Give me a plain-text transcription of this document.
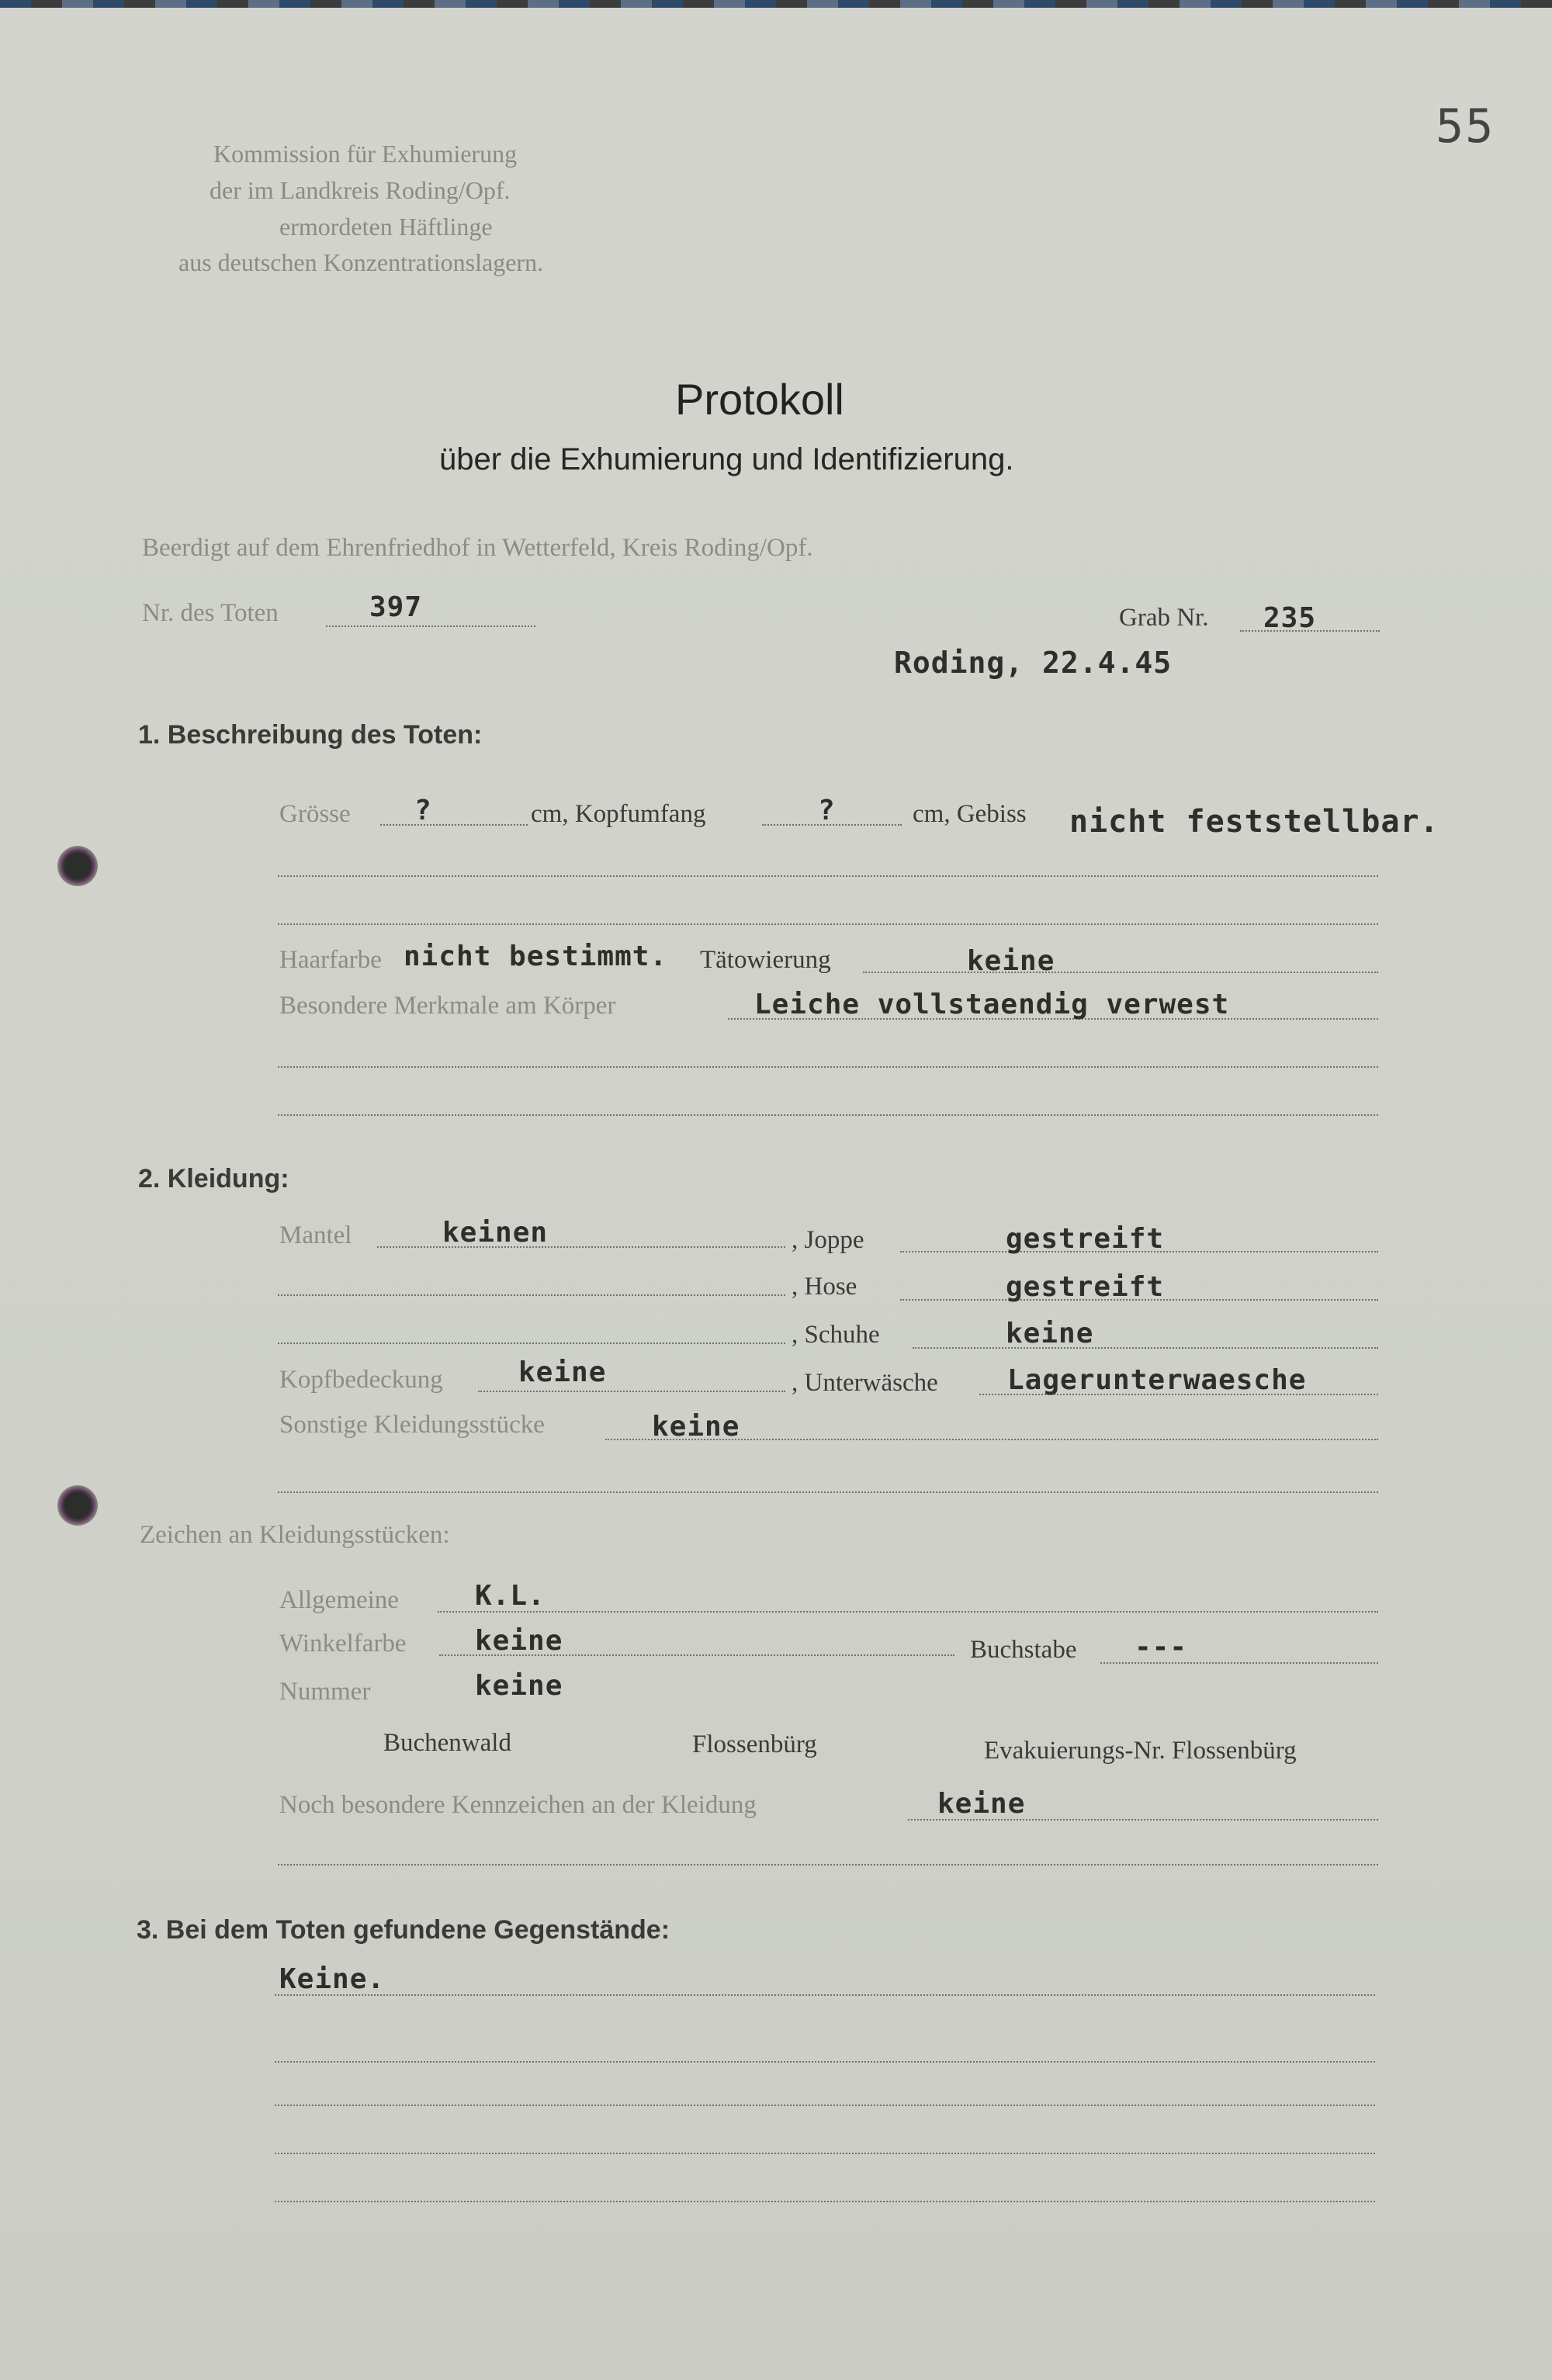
55
Kommission für Exhumierung
der im Landkreis Roding/Opf.
ermordeten Häftlinge
aus deutschen Konzentrationslagern.
Protokoll
über die Exhumierung und Identifizierung.
Beerdigt auf dem Ehrenfriedhof in Wetterfeld, Kreis Roding/Opf.
Nr. des Toten	397	Grab Nr. 235
Roding, 22.4.45
1. Beschreibung des Toten:
Grösse ?	cm, Kopfumfang	?	cm, Gebiss nicht feststellbar.
Haarfarbe nicht bestimmt. Tätowierung	keine
Besondere Merkmale am Körper	Leiche vollstaendig verwest
2. Kleidung:
Mantel	keinen	, Joppe	gestreift
, Hose	gestreift
, Schuhe	keine
Kopfbedeckung	keine	, Unterwäsche Lagerunterwaesche
Sonstige Kleidungsstücke	keine
Zeichen an Kleidungsstücken:
Allgemeine	K.L.
Winkelfarbe keine	Buchstabe ---
Nummer	keine
Buchenwald	Flossenbürg	Evakuierungs-Nr. Flossenbürg
Noch besondere Kennzeichen an der Kleidung	keine
3. Bei dem Toten gefundene Gegenstände:
Keine.
